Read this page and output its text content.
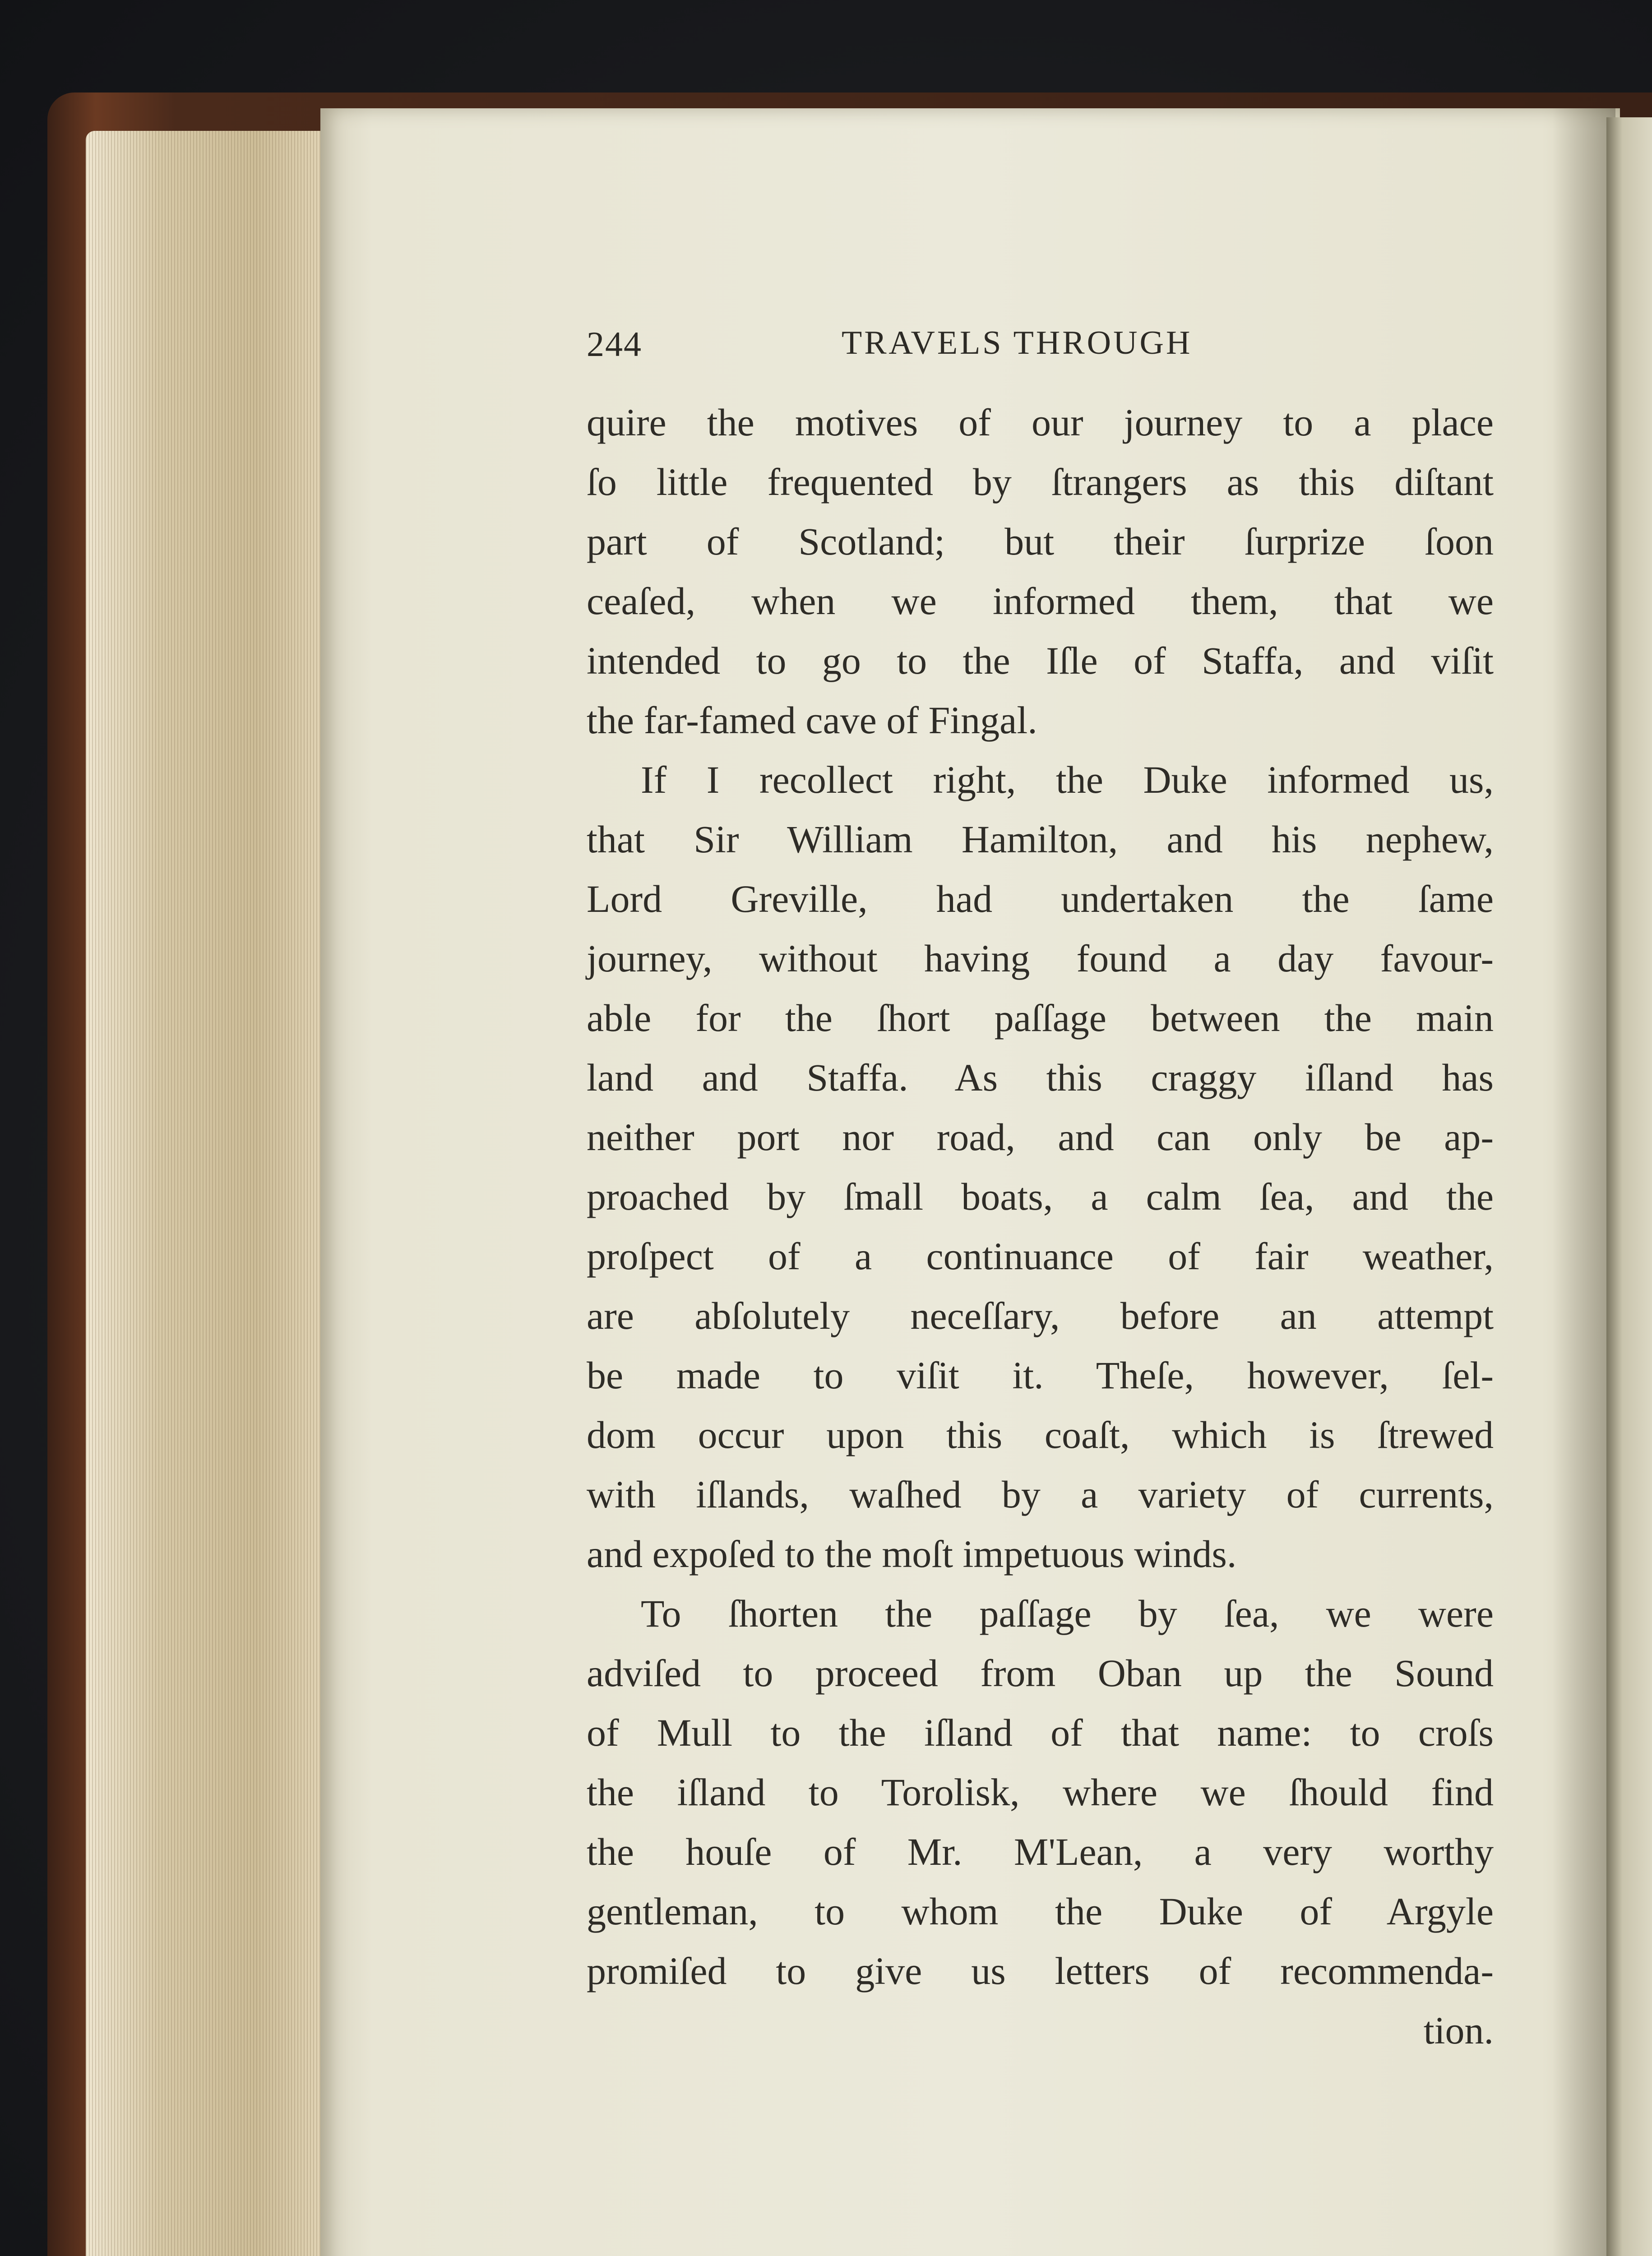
244	TRAVELS THROUGH
quire the motives of our journey to a place
ſo little frequented by ſtrangers as this diſtant
part of Scotland; but their ſurprize ſoon
ceaſed, when we informed them, that we
intended to go to the Iſle of Staffa, and viſit
the far-famed cave of Fingal.
If I recollect right, the Duke informed us,
that Sir William Hamilton, and his nephew,
Lord Greville, had undertaken the ſame
journey, without having found a day favour-
able for the ſhort paſſage between the main
land and Staffa. As this craggy iſland has
neither port nor road, and can only be ap-
proached by ſmall boats, a calm ſea, and the
proſpect of a continuance of fair weather,
are abſolutely neceſſary, before an attempt
be made to viſit it. Theſe, however, ſel-
dom occur upon this coaſt, which is ſtrewed
with iſlands, waſhed by a variety of currents,
and expoſed to the moſt impetuous winds.
To ſhorten the paſſage by ſea, we were
adviſed to proceed from Oban up the Sound
of Mull to the iſland of that name: to croſs
the iſland to Torolisk, where we ſhould find
the houſe of Mr. M'Lean, a very worthy
gentleman, to whom the Duke of Argyle
promiſed to give us letters of recommenda-
tion.
